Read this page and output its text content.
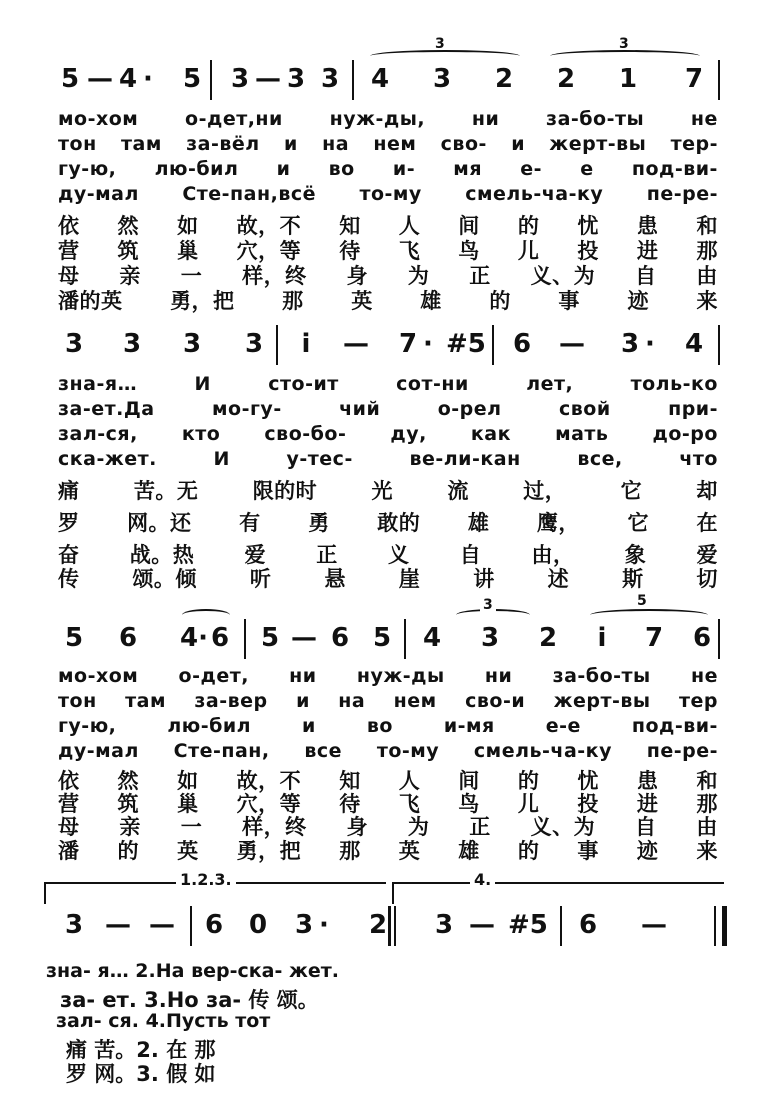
3	3
5 — 4 ·	5 3 — 3 3 4 3 2 2 1 7
мо-хом о-дет,ни нуж-ды, ни за-бо-ты не
тон там за-вёл и на нем сво- и жерт-вы тер-
гу-ю, лю-бил и во и- мя е- е под-ви-
ду-мал Сте-пан,всё то-му смель-ча-ку пе-ре-
依 然 如 故，不 知 人 间 的 忧 患 和
营 筑 巢 穴，等 待 飞 鸟 儿 投 进 那
母 亲 一 样，终 身 为 正 义、为 自 由
潘的英 勇，把 那 英 雄 的 事 迹 来
3 3 3 3	i	— 7 · #5 6 — 3 ·	4
зна-я…	И	сто-ит	сот-ни	лет,	толь-ко
за-ет.Да	мо-гу-	чий	о-рел	свой	при-
зал-ся, кто сво-бо- ду, как мать до-ро
ска-жет.	И	у-тес-	ве-ли-кан	все,	что
痛	苦。无	限的时	光	流	过，	它	却
罗 网。还 有 勇 敢的 雄 鹰， 它 在
奋 战。热 爱 正 义 自 由， 象 爱
传	颂。倾	听	悬	崖	讲	述	斯	切
3	5
5 6 4· 6 5 — 6 5 4 3 2	i	7 6
мо-хом о-дет, ни нуж-ды ни за-бо-ты не
тон там за-вер и на нем сво-и жерт-вы тер
гу-ю,	лю-бил	и	во	и-мя	е-е	под-ви-
ду-мал Сте-пан, все то-му смель-ча-ку пе-ре-
依 然 如 故，不 知 人 间 的 忧 患 和
营 筑 巢 穴，等 待 飞 鸟 儿 投 进 那
母 亲 一 样，终 身 为 正 义、为 自 由
潘 的 英 勇，把 那 英 雄 的 事 迹 来
1.2.3.	4.
3 — — 6 0 3 ·	2 3 — #5 6 —
зна- я… 2.На вер-ска- жет.
за- ет. 3.Но за- 传 颂。
зал- ся. 4.Пусть тот
痛 苦。2. 在 那
罗 网。3. 假 如
